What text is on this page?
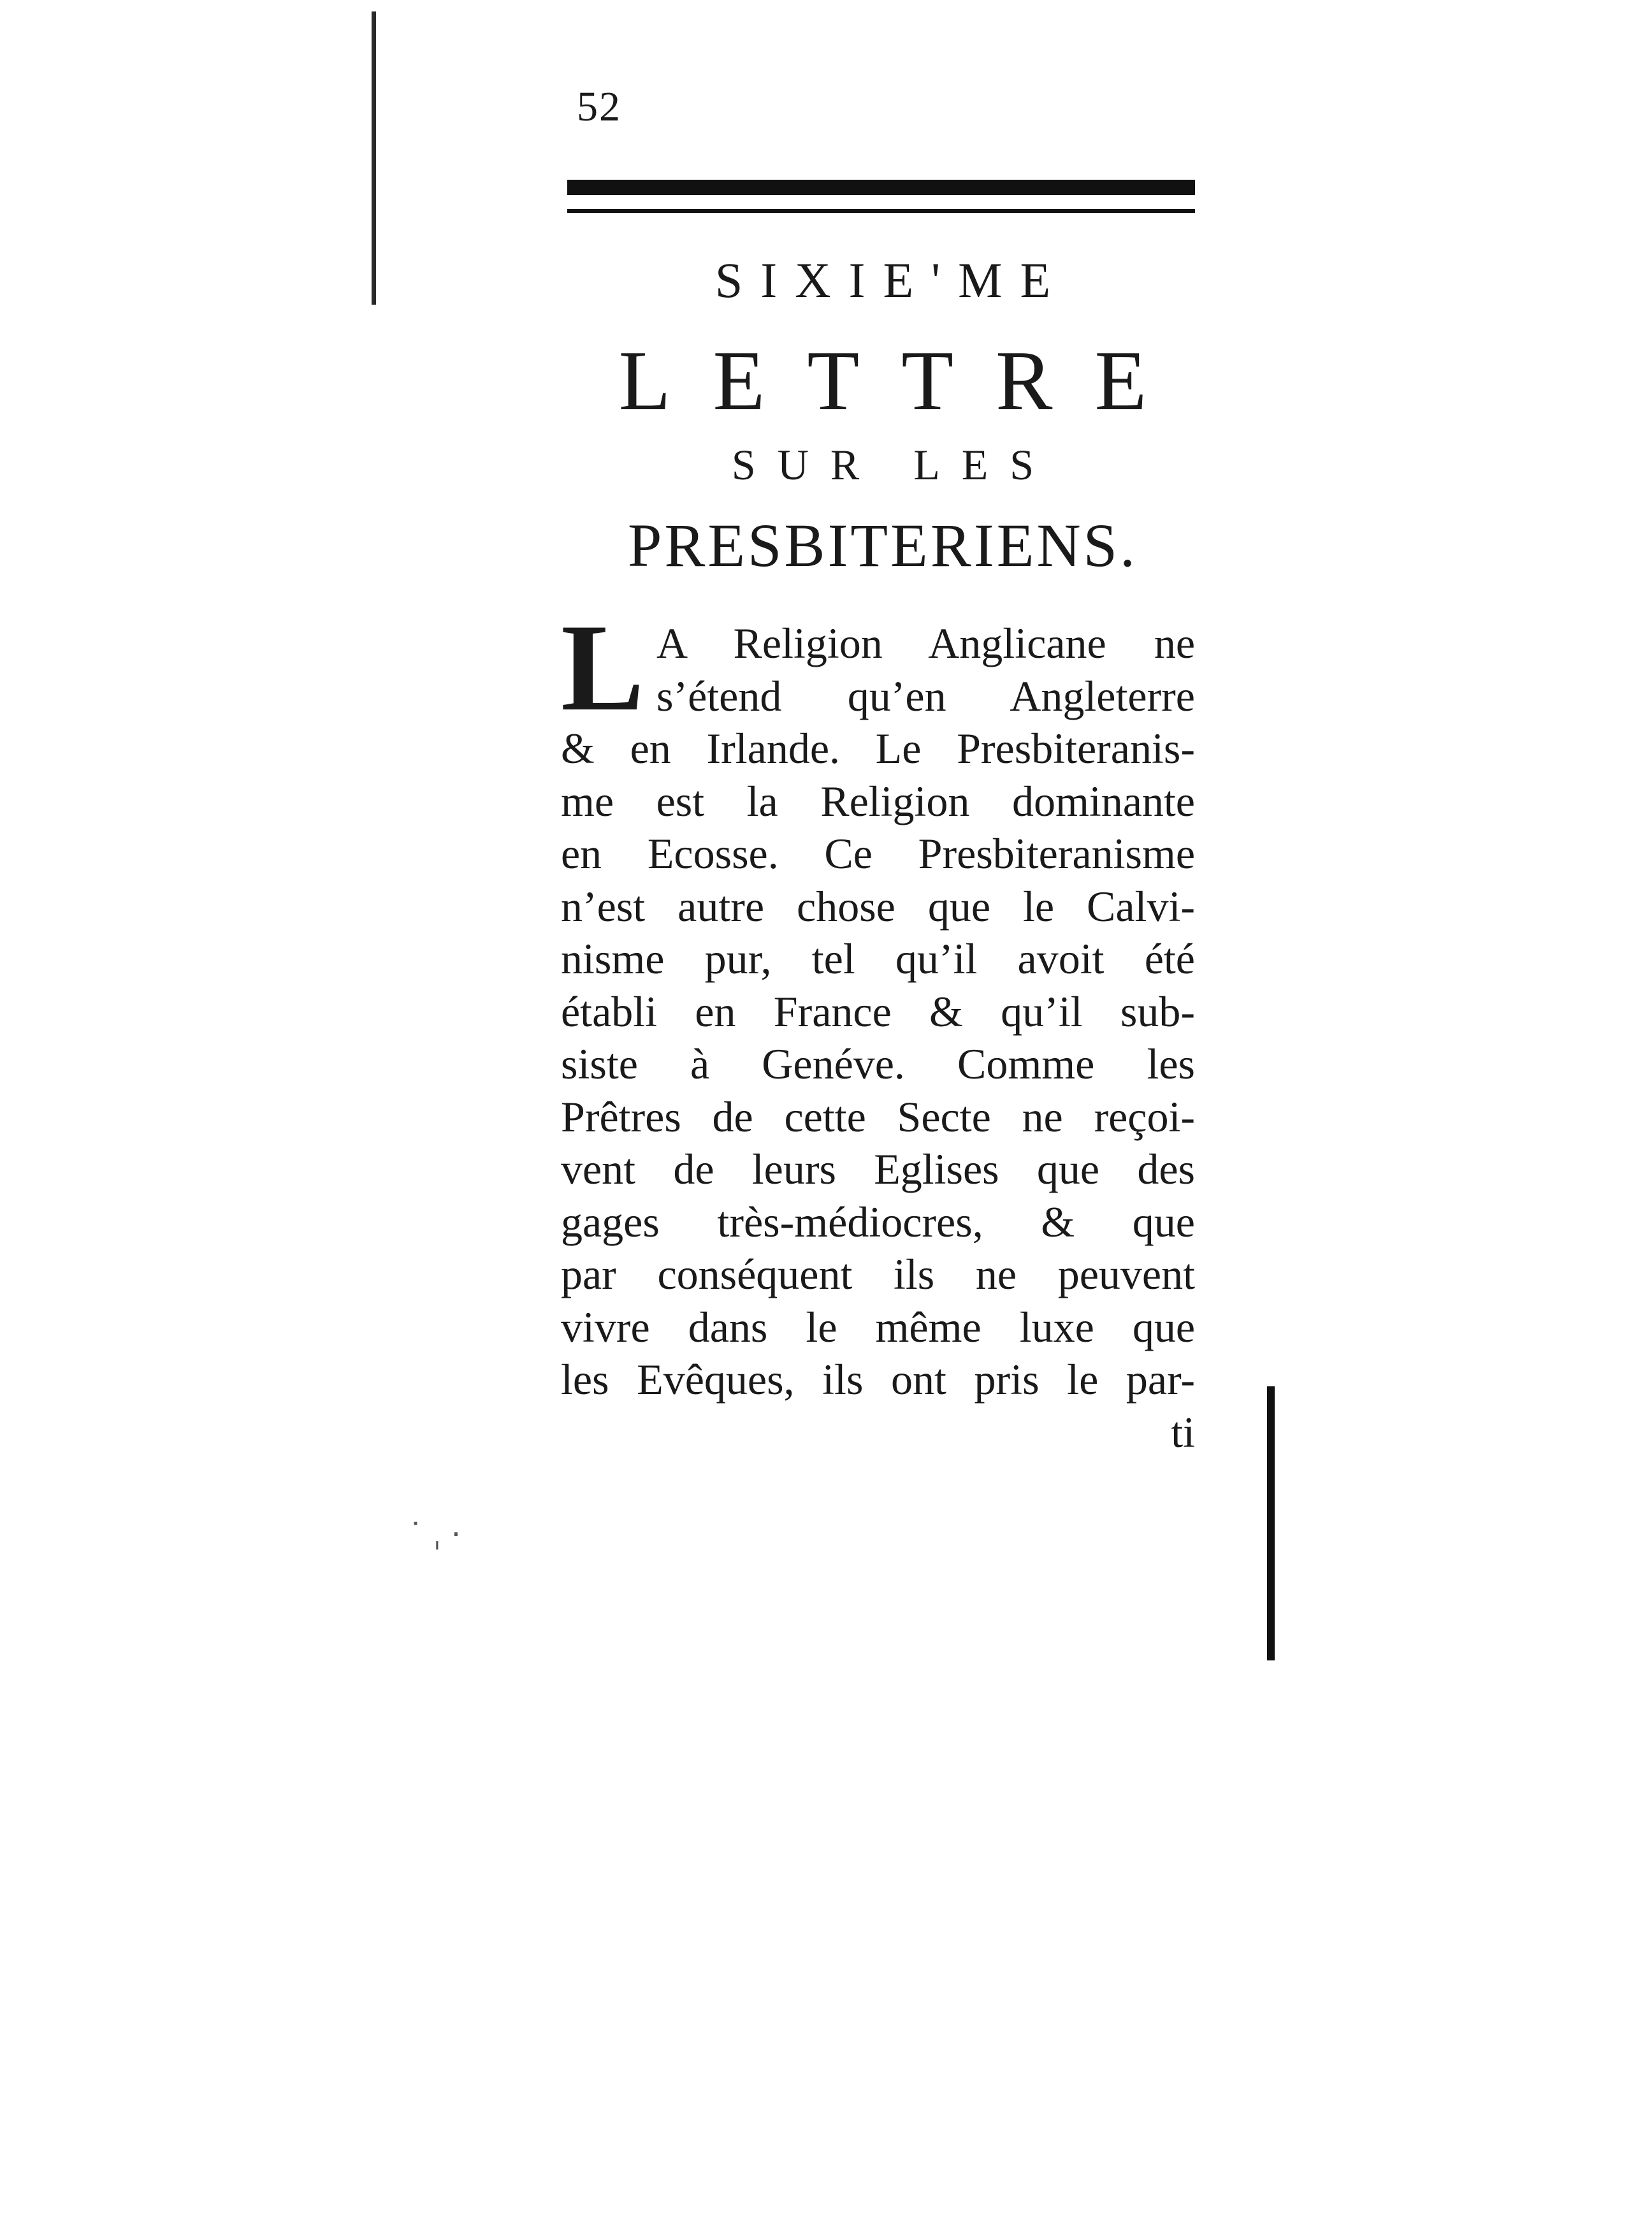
52
SIXIE'ME
LETTRE
SUR LES
PRESBITERIENS.
L A Religion Anglicane ne
s’étend qu’en Angleterre
& en Irlande. Le Presbiteranis-
me est la Religion dominante
en Ecosse. Ce Presbiteranisme
n’est autre chose que le Calvi-
nisme pur, tel qu’il avoit été
établi en France & qu’il sub-
siste à Genéve. Comme les
Prêtres de cette Secte ne reçoi-
vent de leurs Eglises que des
gages très-médiocres, & que
par conséquent ils ne peuvent
vivre dans le même luxe que
les Evêques, ils ont pris le par-
ti
˙ ˌ ·
